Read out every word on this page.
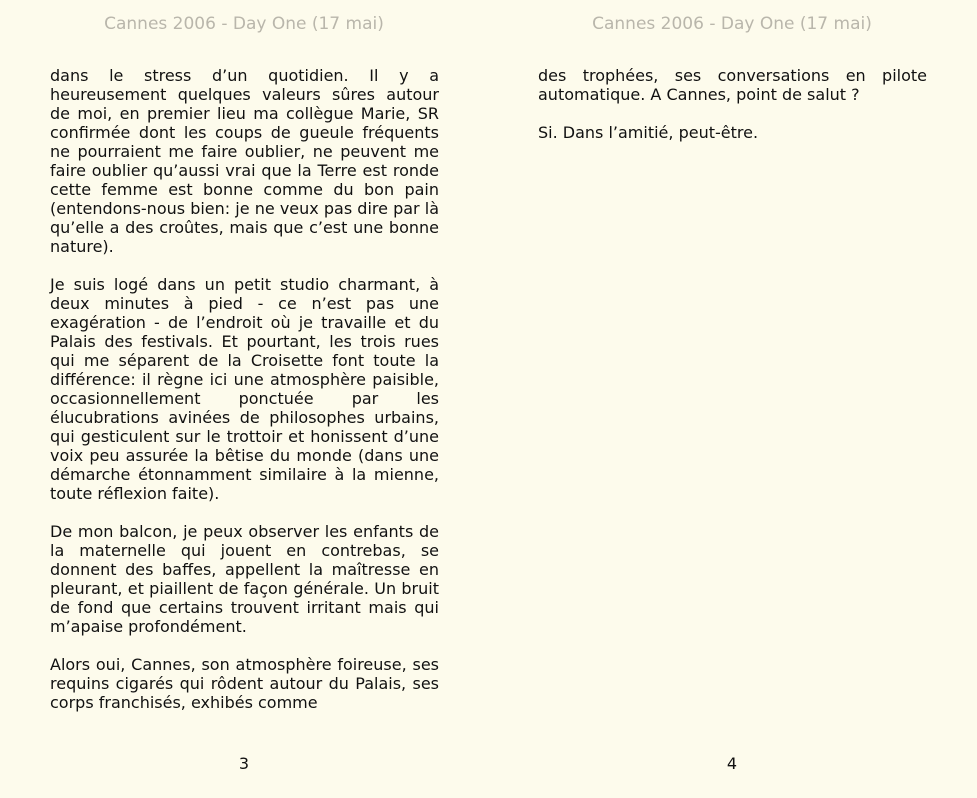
Cannes 2006 - Day One (17 mai)

dans le stress d’un quotidien. Il y a heureusement quelques valeurs sûres autour de moi, en premier lieu ma collègue Marie, SR confirmée dont les coups de gueule fréquents ne pourraient me faire oublier, ne peuvent me faire oublier qu’aussi vrai que la Terre est ronde cette femme est bonne comme du bon pain (entendons-nous bien: je ne veux pas dire par là qu’elle a des croûtes, mais que c’est une bonne nature).

Je suis logé dans un petit studio charmant, à deux minutes à pied - ce n’est pas une exagération - de l’endroit où je travaille et du Palais des festivals. Et pourtant, les trois rues qui me séparent de la Croisette font toute la différence: il règne ici une atmosphère paisible, occasionnellement ponctuée par les élucubrations avinées de philosophes urbains, qui gesticulent sur le trottoir et honissent d’une voix peu assurée la bêtise du monde (dans une démarche étonnamment similaire à la mienne, toute réflexion faite).

De mon balcon, je peux observer les enfants de la maternelle qui jouent en contrebas, se donnent des baffes, appellent la maîtresse en pleurant, et piaillent de façon générale. Un bruit de fond que certains trouvent irritant mais qui m’apaise profondément.

Alors oui, Cannes, son atmosphère foireuse, ses requins cigarés qui rôdent autour du Palais, ses corps franchisés, exhibés comme

3
Cannes 2006 - Day One (17 mai)

des trophées, ses conversations en pilote automatique. A Cannes, point de salut ?

Si. Dans l’amitié, peut-être.

4
